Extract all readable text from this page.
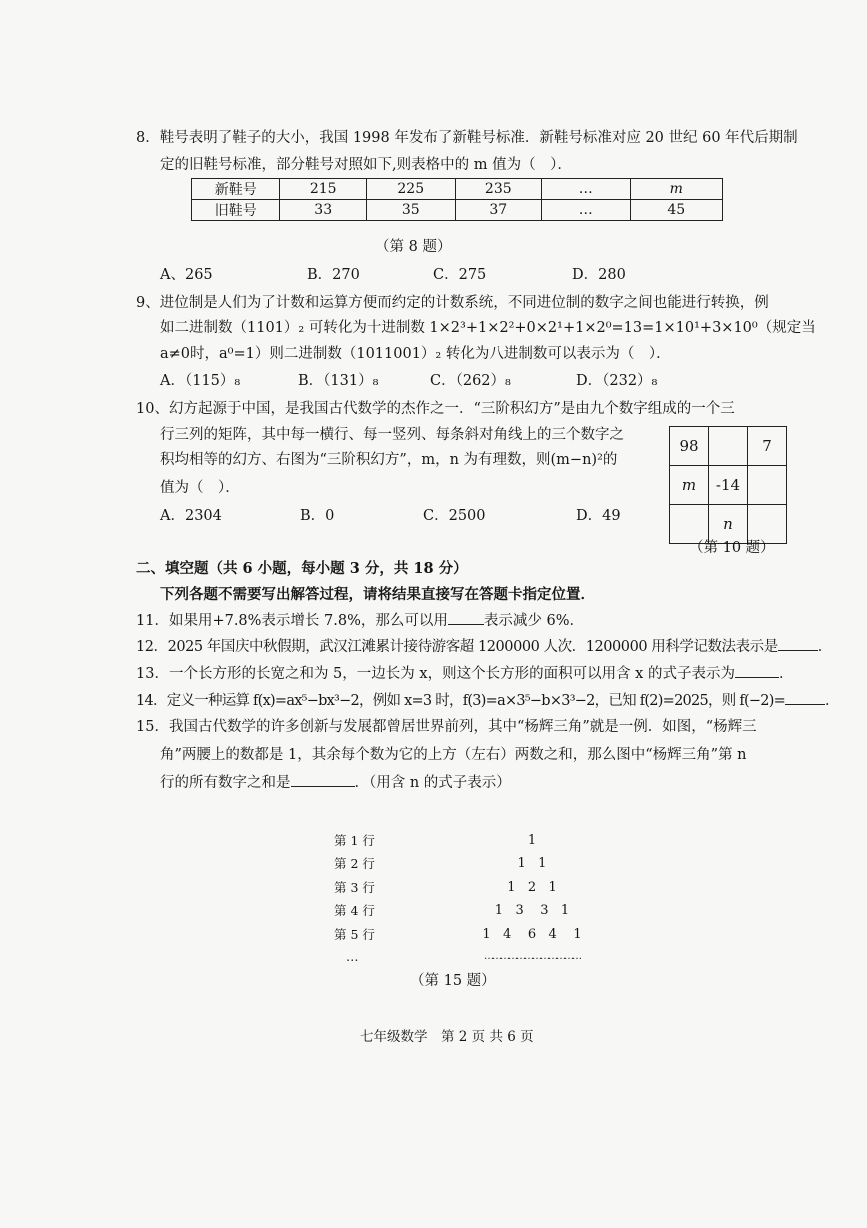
8．鞋号表明了鞋子的大小，我国 1998 年发布了新鞋号标准．新鞋号标准对应 20 世纪 60 年代后期制
定的旧鞋号标准，部分鞋号对照如下,则表格中的 m 值为（　）．
新鞋号	215	225	235	…	m
旧鞋号	33	35	37	…	45
（第 8 题）
A、265	B．270	C．275	D．280
9、进位制是人们为了计数和运算方便而约定的计数系统，不同进位制的数字之间也能进行转换，例
如二进制数（1101）₂ 可转化为十进制数 1×2³+1×2²+0×2¹+1×2⁰=13=1×10¹+3×10⁰（规定当
a≠0时，a⁰=1）则二进制数（1011001）₂ 转化为八进制数可以表示为（　）．
A．（115）₈	B．（131）₈	C．（262）₈	D．（232）₈
10、幻方起源于中国，是我国古代数学的杰作之一．“三阶积幻方”是由九个数字组成的一个三
行三列的矩阵，其中每一横行、每一竖列、每条斜对角线上的三个数字之
积均相等的幻方、右图为“三阶积幻方”，m，n 为有理数，则(m−n)²的
值为（　）．
98		7
m	-14	
	n	
A．2304	B．0	C．2500	D．49
（第 10 题）
二、填空题（共 6 小题，每小题 3 分，共 18 分）
下列各题不需要写出解答过程，请将结果直接写在答题卡指定位置．
11．如果用+7.8%表示增长 7.8%，那么可以用 表示减少 6%．
12．2025 年国庆中秋假期，武汉江滩累计接待游客超 1200000 人次．1200000 用科学记数法表示是	．
13．一个长方形的长宽之和为 5，一边长为 x，则这个长方形的面积可以用含 x 的式子表示为	．
14．定义一种运算 f(x)=ax⁵−bx³−2，例如 x=3 时，f(3)=a×3⁵−b×3³−2，已知 f(2)=2025，则 f(−2)=	．
15．我国古代数学的许多创新与发展都曾居世界前列，其中“杨辉三角”就是一例．如图，“杨辉三
角”两腰上的数都是 1，其余每个数为它的上方（左右）两数之和，那么图中“杨辉三角”第 n
行的所有数字之和是	．（用含 n 的式子表示）
第 1 行	1
第 2 行	1   1
第 3 行	1   2   1
第 4 行	1   3    3   1
第 5 行	1   4    6   4    1
…	………………………………
（第 15 题）
七年级数学　第 2 页 共 6 页
